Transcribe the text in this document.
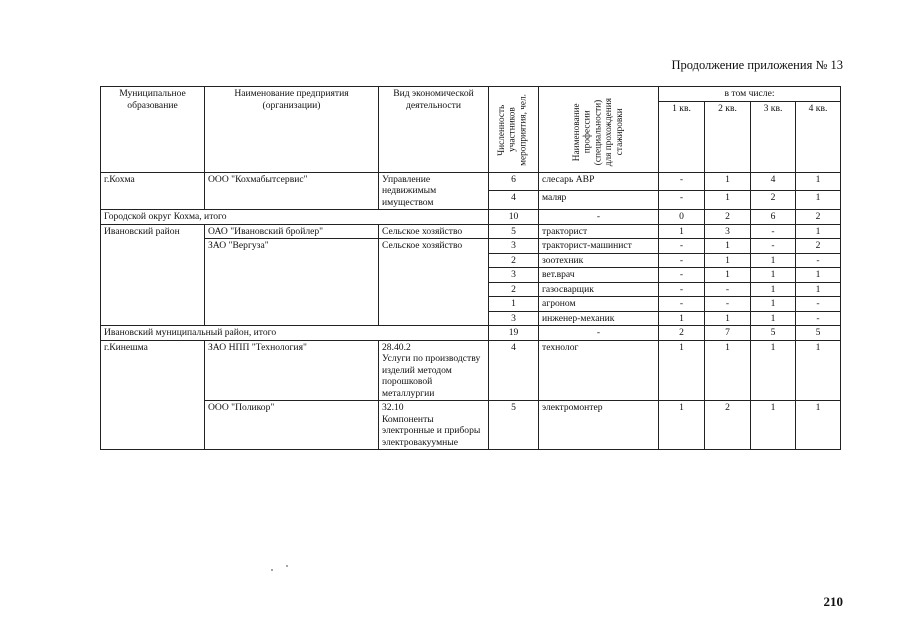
Продолжение приложения № 13
Муниципальное образование	Наименование предприятия (организации)	Вид экономической деятельности	Численность
участников
мероприятия, чел.	Наименование
профессии
(специальности)
для прохождения
стажировки	в том числе:			
					1 кв.	2 кв.	3 кв.	4 кв.
г.Кохма	ООО "Кохмабытсервис"	Управление недвижимым имуществом	6	слесарь АВР	-	1	4	1
			4	маляр	-	1	2	1
Городской округ Кохма, итого			10	-	0	2	6	2
Ивановский район	ОАО "Ивановский бройлер"	Сельское хозяйство	5	тракторист	1	3	-	1
	ЗАО "Вергуза"	Сельское хозяйство	3	тракторист-машинист	-	1	-	2
			2	зоотехник	-	1	1	-
			3	вет.врач	-	1	1	1
			2	газосварщик	-	-	1	1
			1	агроном	-	-	1	-
			3	инженер-механик	1	1	1	-
Ивановский муниципальный район, итого			19	-	2	7	5	5
г.Кинешма	ЗАО НПП "Технология"	28.40.2
Услуги по производству изделий методом порошковой металлургии	4	технолог	1	1	1	1
	ООО "Поликор"	32.10
Компоненты электронные и приборы электровакуумные	5	электромонтер	1	2	1	1
210
